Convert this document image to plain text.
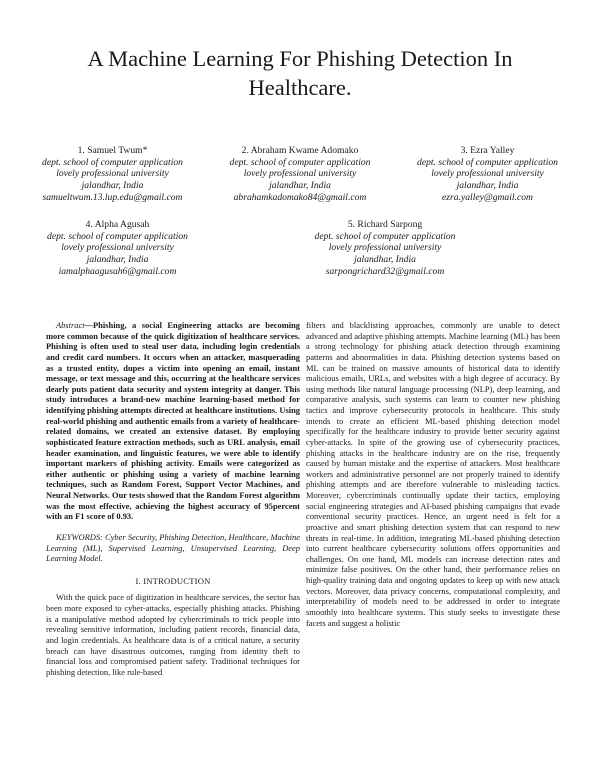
A Machine Learning For Phishing Detection In Healthcare.
1. Samuel Twum*
dept. school of computer application
lovely professional university
jalandhar, India
samueltwum.13.lup.edu@gmail.com
2. Abraham Kwame Adomako
dept. school of computer application
lovely professional university
jalandhar, India
abrahamkadomako84@gmail.com
3. Ezra Yalley
dept. school of computer application
lovely professional university
jalandhar, India
ezra.yalley@gmail.com
4. Alpha Agusah
dept. school of computer application
lovely professional university
jalandhar, India
iamalphaagusah6@gmail.com
5. Richard Sarpong
dept. school of computer application
lovely professional university
jalandhar, India
sarpongrichard32@gmail.com

Abstract—Phishing, a social Engineering attacks are becoming more common because of the quick digitization of healthcare services. Phishing is often used to steal user data, including login credentials and credit card numbers. It occurs when an attacker, masquerading as a trusted entity, dupes a victim into opening an email, instant message, or text message and this, occurring at the healthcare services dearly puts patient data security and system integrity at danger. This study introduces a brand-new machine learning-based method for identifying phishing attempts directed at healthcare institutions. Using real-world phishing and authentic emails from a variety of healthcare-related domains, we created an extensive dataset. By employing sophisticated feature extraction methods, such as URL analysis, email header examination, and linguistic features, we were able to identify important markers of phishing activity. Emails were categorized as either authentic or phishing using a variety of machine learning techniques, such as Random Forest, Support Vector Machines, and Neural Networks. Our tests showed that the Random Forest algorithm was the most effective, achieving the highest accuracy of 95percent with an F1 score of 0.93.

KEYWORDS: Cyber Security, Phishing Detection, Healthcare, Machine Learning (ML), Supervised Learning, Unsupervised Learning, Deep Learning Model.

I. INTRODUCTION

With the quick pace of digitization in healthcare services, the sector has been more exposed to cyber-attacks, especially phishing attacks. Phishing is a manipulative method adopted by cybercriminals to trick people into revealing sensitive information, including patient records, financial data, and login credentials. As healthcare data is of a critical nature, a security breach can have disastrous outcomes, ranging from identity theft to financial loss and compromised patient safety. Traditional techniques for phishing detection, like rule-based

filters and blacklisting approaches, commonly are unable to detect advanced and adaptive phishing attempts. Machine learning (ML) has been a strong technology for phishing attack detection through examining patterns and abnormalities in data. Phishing detection systems based on ML can be trained on massive amounts of historical data to identify malicious emails, URLs, and websites with a high degree of accuracy. By using methods like natural language processing (NLP), deep learning, and comparative analysis, such systems can learn to counter new phishing tactics and improve cybersecurity protocols in healthcare. This study intends to create an efficient ML-based phishing detection model specifically for the healthcare industry to provide better security against cyber-attacks. In spite of the growing use of cybersecurity practices, phishing attacks in the healthcare industry are on the rise, frequently caused by human mistake and the expertise of attackers. Most healthcare workers and administrative personnel are not properly trained to identify phishing attempts and are therefore vulnerable to misleading tactics. Moreover, cybercriminals continually update their tactics, employing social engineering strategies and AI-based phishing campaigns that evade conventional security practices. Hence, an urgent need is felt for a proactive and smart phishing detection system that can respond to new threats in real-time. In addition, integrating ML-based phishing detection into current healthcare cybersecurity solutions offers opportunities and challenges. On one hand, ML models can increase detection rates and minimize false positives. On the other hand, their performance relies on high-quality training data and ongoing updates to keep up with new attack vectors. Moreover, data privacy concerns, computational complexity, and interpretability of models need to be addressed in order to integrate smoothly into healthcare systems. This study seeks to investigate these facets and suggest a holistic
